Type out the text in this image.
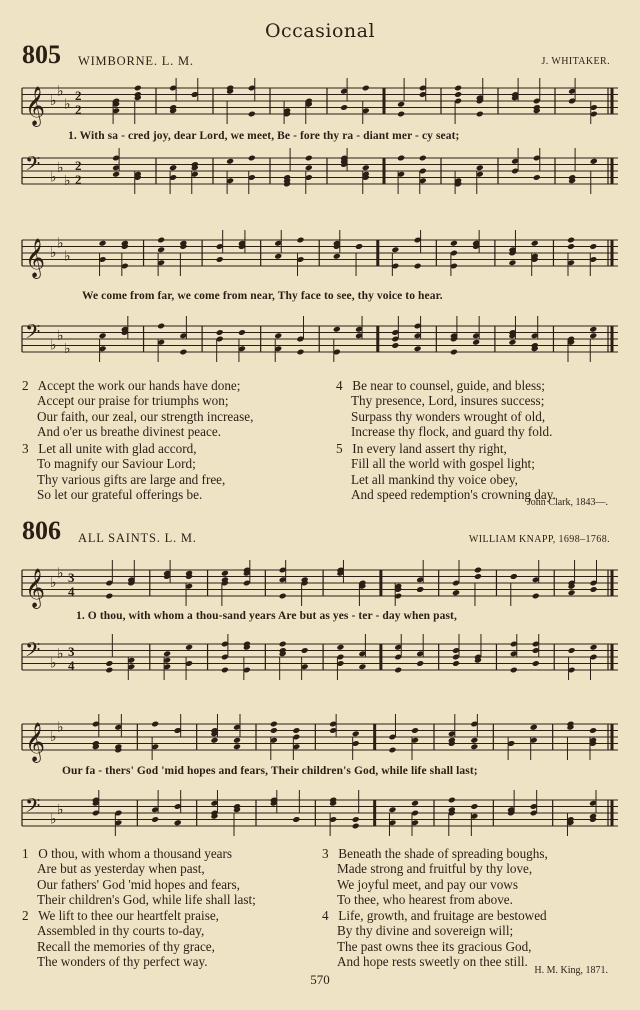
Occasional
805 WIMBORNE. L. M.	J. WHITAKER.
𝄞 ♭
♭
♭
2
2
1. With sa - cred joy, dear Lord, we meet, Be - fore thy ra - diant mer - cy seat;
𝄢 ♭
♭
♭
2
2
𝄞 ♭
♭
♭
We come from far, we come from near, Thy face to see, thy voice to hear.
𝄢 ♭
♭
♭
2 Accept the work our hands have done;
Accept our praise for triumphs won;
Our faith, our zeal, our strength increase,
And o'er us breathe divinest peace.
3 Let all unite with glad accord,
To magnify our Saviour Lord;
Thy various gifts are large and free,
So let our grateful offerings be.
4 Be near to counsel, guide, and bless;
Thy presence, Lord, insures success;
Surpass thy wonders wrought of old,
Increase thy flock, and guard thy fold.
5 In every land assert thy right,
Fill all the world with gospel light;
Let all mankind thy voice obey,
And speed redemption's crowning day.
John Clark, 1843—.
806 ALL SAINTS. L. M.	WILLIAM KNAPP, 1698–1768.
𝄞 ♭
♭ 3
4
1. O thou, with whom a thou-sand years Are but as yes - ter - day when past,
𝄢 ♭
♭ 3
4
𝄞 ♭
♭
Our fa - thers' God 'mid hopes and fears, Their children's God, while life shall last;
𝄢 ♭
♭
1 O thou, with whom a thousand years
Are but as yesterday when past,
Our fathers' God 'mid hopes and fears,
Their children's God, while life shall last;
2 We lift to thee our heartfelt praise,
Assembled in thy courts to-day,
Recall the memories of thy grace,
The wonders of thy perfect way.
3 Beneath the shade of spreading boughs,
Made strong and fruitful by thy love,
We joyful meet, and pay our vows
To thee, who hearest from above.
4 Life, growth, and fruitage are bestowed
By thy divine and sovereign will;
The past owns thee its gracious God,
And hope rests sweetly on thee still.
H. M. King, 1871.
570
